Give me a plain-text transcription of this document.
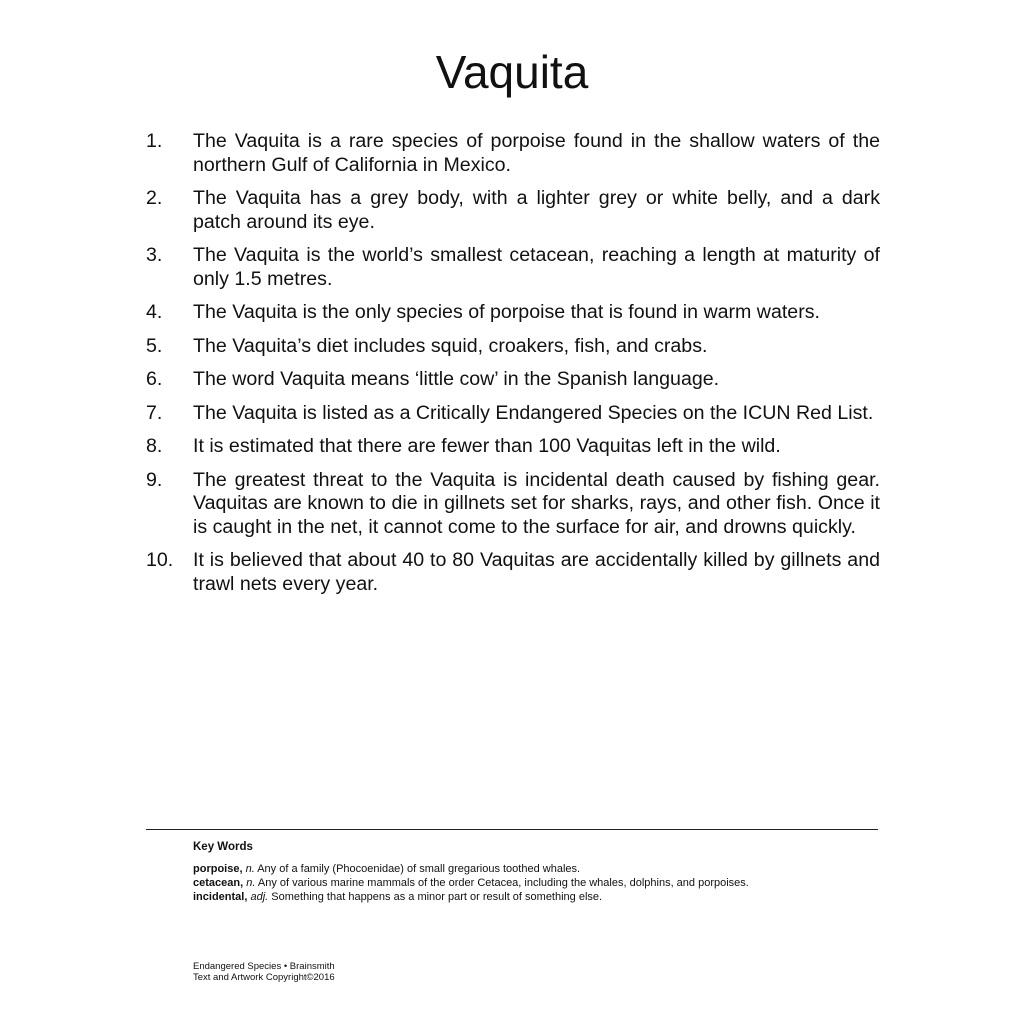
Vaquita
1.	The Vaquita is a rare species of porpoise found in the shallow waters of the northern Gulf of California in Mexico.
2.	The Vaquita has a grey body, with a lighter grey or white belly, and a dark patch around its eye.
3.	The Vaquita is the world’s smallest cetacean, reaching a length at maturity of only 1.5 metres.
4.	The Vaquita is the only species of porpoise that is found in warm waters.
5.	The Vaquita’s diet includes squid, croakers, fish, and crabs.
6.	The word Vaquita means ‘little cow’ in the Spanish language.
7.	The Vaquita is listed as a Critically Endangered Species on the ICUN Red List.
8.	It is estimated that there are fewer than 100 Vaquitas left in the wild.
9.	The greatest threat to the Vaquita is incidental death caused by fishing gear. Vaquitas are known to die in gillnets set for sharks, rays, and other fish. Once it is caught in the net, it cannot come to the surface for air, and drowns quickly.
10.	It is believed that about 40 to 80 Vaquitas are accidentally killed by gillnets and trawl nets every year.
Key Words
porpoise, n. Any of a family (Phocoenidae) of small gregarious toothed whales.
cetacean, n. Any of various marine mammals of the order Cetacea, including the whales, dolphins, and porpoises.
incidental, adj. Something that happens as a minor part or result of something else.
Endangered Species • Brainsmith
Text and Artwork Copyright©2016
